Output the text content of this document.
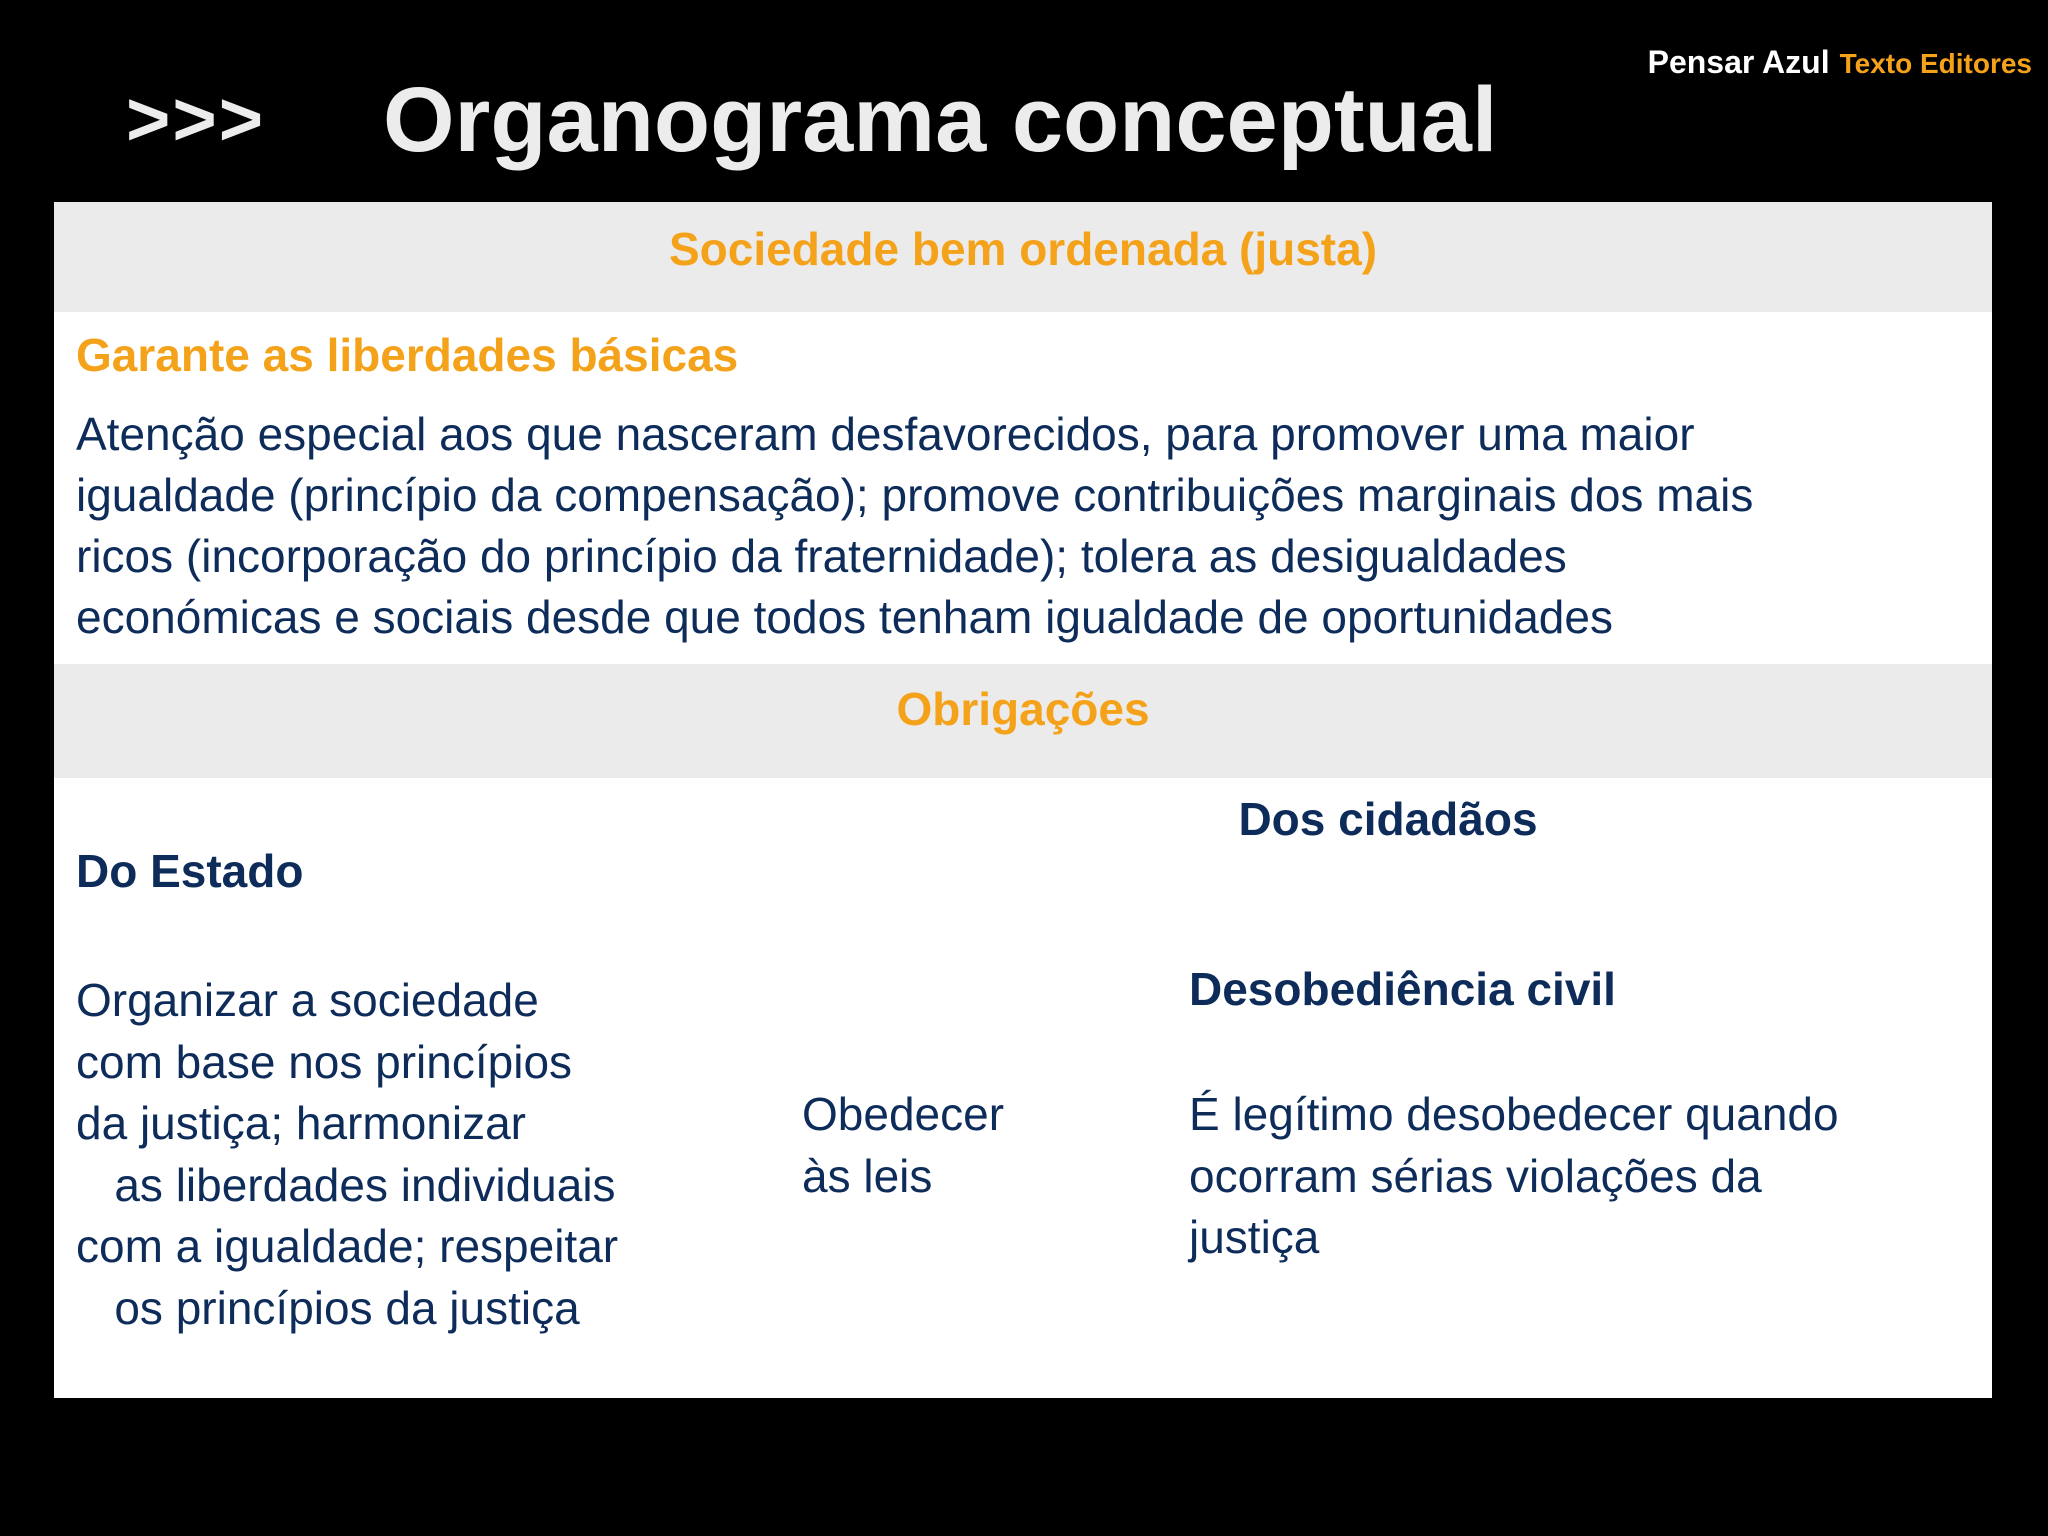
>>> Organograma conceptual
Pensar Azul Texto Editores
Sociedade bem ordenada (justa)
Garante as liberdades básicas
Atenção especial aos que nasceram desfavorecidos, para promover uma maior
igualdade (princípio da compensação); promove contribuições marginais dos mais
ricos (incorporação do princípio da fraternidade); tolera as desigualdades
económicas e sociais desde que todos tenham igualdade de oportunidades
Obrigações
Do Estado
Organizar a sociedade
com base nos princípios
da justiça; harmonizar
as liberdades individuais
com a igualdade; respeitar
os princípios da justiça
Dos cidadãos
Obedecer
às leis
Desobediência civil
É legítimo desobedecer quando
ocorram sérias violações da
justiça
